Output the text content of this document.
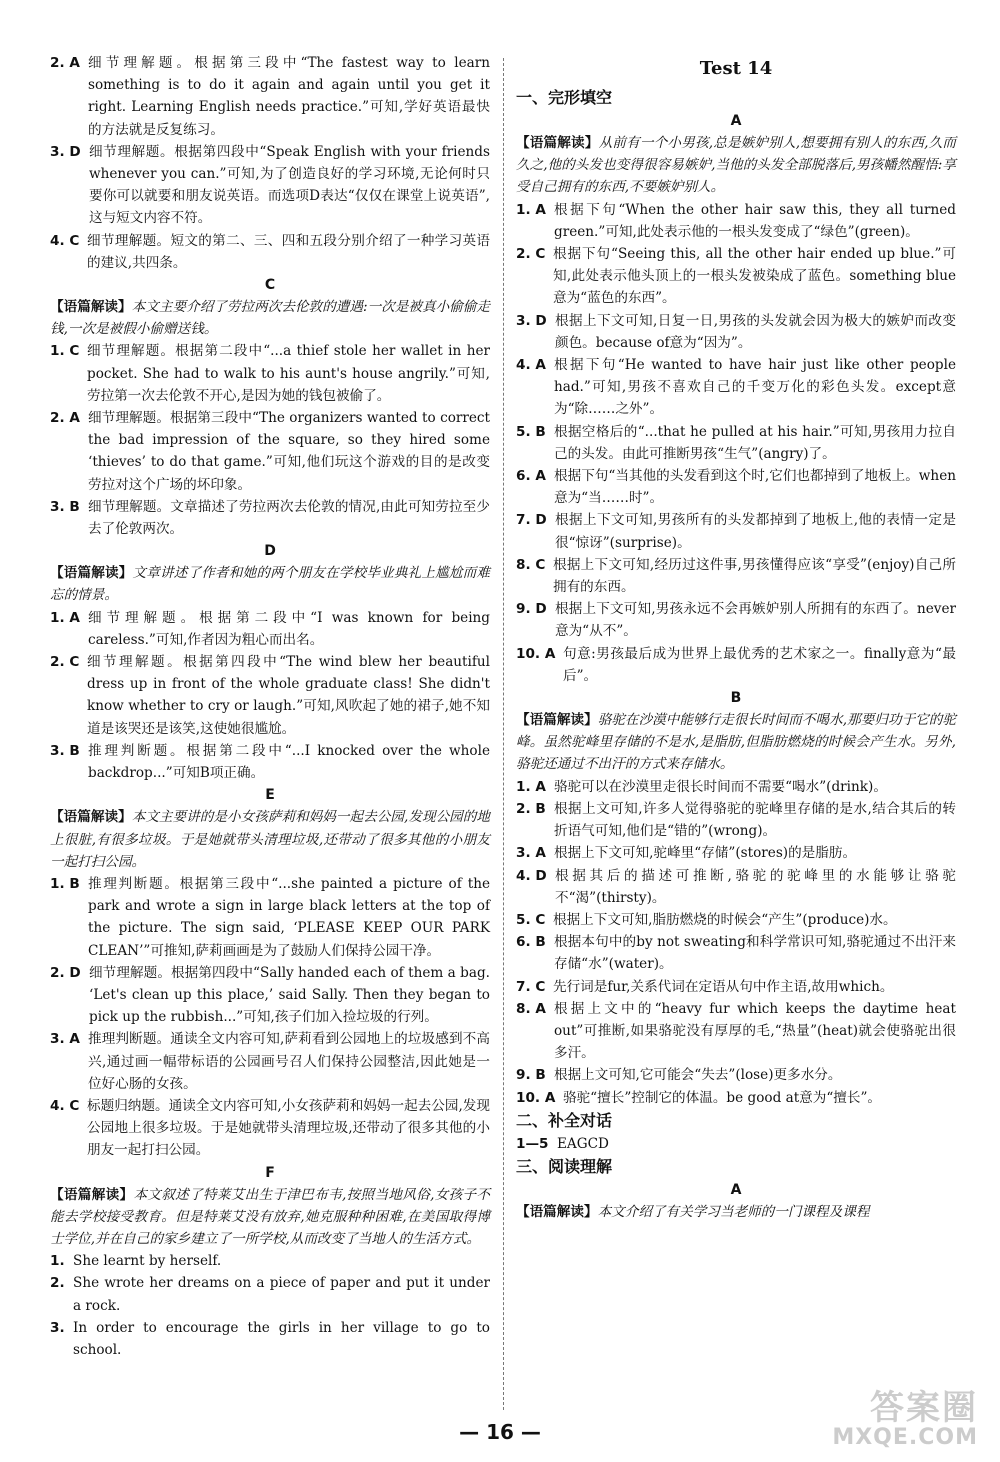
2. A 细节理解题。根据第三段中“The fastest way to learn something is to do it again and again until you get it right. Learning English needs practice.”可知,学好英语最快的方法就是反复练习。
3. D 细节理解题。根据第四段中“Speak English with your friends whenever you can.”可知,为了创造良好的学习环境,无论何时只要你可以就要和朋友说英语。而选项D表达“仅仅在课堂上说英语”,这与短文内容不符。
4. C 细节理解题。短文的第二、三、四和五段分别介绍了一种学习英语的建议,共四条。
C
【语篇解读】本文主要介绍了劳拉两次去伦敦的遭遇:一次是被真小偷偷走钱,一次是被假小偷赠送钱。
1. C 细节理解题。根据第二段中“...a thief stole her wallet in her pocket. She had to walk to his aunt's house angrily.”可知,劳拉第一次去伦敦不开心,是因为她的钱包被偷了。
2. A 细节理解题。根据第三段中“The organizers wanted to correct the bad impression of the square, so they hired some ‘thieves’ to do that game.”可知,他们玩这个游戏的目的是改变劳拉对这个广场的坏印象。
3. B 细节理解题。文章描述了劳拉两次去伦敦的情况,由此可知劳拉至少去了伦敦两次。
D
【语篇解读】文章讲述了作者和她的两个朋友在学校毕业典礼上尴尬而难忘的情景。
1. A 细节理解题。根据第二段中“I was known for being careless.”可知,作者因为粗心而出名。
2. C 细节理解题。根据第四段中“The wind blew her beautiful dress up in front of the whole graduate class! She didn't know whether to cry or laugh.”可知,风吹起了她的裙子,她不知道是该哭还是该笑,这使她很尴尬。
3. B 推理判断题。根据第二段中“...I knocked over the whole backdrop...”可知B项正确。
E
【语篇解读】本文主要讲的是小女孩萨莉和妈妈一起去公园,发现公园的地上很脏,有很多垃圾。于是她就带头清理垃圾,还带动了很多其他的小朋友一起打扫公园。
1. B 推理判断题。根据第三段中“...she painted a picture of the park and wrote a sign in large black letters at the top of the picture. The sign said, ‘PLEASE KEEP OUR PARK CLEAN’”可推知,萨莉画画是为了鼓励人们保持公园干净。
2. D 细节理解题。根据第四段中“Sally handed each of them a bag. ‘Let's clean up this place,’ said Sally. Then they began to pick up the rubbish...”可知,孩子们加入捡垃圾的行列。
3. A 推理判断题。通读全文内容可知,萨莉看到公园地上的垃圾感到不高兴,通过画一幅带标语的公园画号召人们保持公园整洁,因此她是一位好心肠的女孩。
4. C 标题归纳题。通读全文内容可知,小女孩萨莉和妈妈一起去公园,发现公园地上很多垃圾。于是她就带头清理垃圾,还带动了很多其他的小朋友一起打扫公园。
F
【语篇解读】本文叙述了特莱艾出生于津巴布韦,按照当地风俗,女孩子不能去学校接受教育。但是特莱艾没有放弃,她克服种种困难,在美国取得博士学位,并在自己的家乡建立了一所学校,从而改变了当地人的生活方式。
1. She learnt by herself.
2. She wrote her dreams on a piece of paper and put it under a rock.
3. In order to encourage the girls in her village to go to school.
Test 14
一、完形填空
A
【语篇解读】从前有一个小男孩,总是嫉妒别人,想要拥有别人的东西,久而久之,他的头发也变得很容易嫉妒,当他的头发全部脱落后,男孩幡然醒悟:享受自己拥有的东西,不要嫉妒别人。
1. A 根据下句“When the other hair saw this, they all turned green.”可知,此处表示他的一根头发变成了“绿色”(green)。
2. C 根据下句“Seeing this, all the other hair ended up blue.”可知,此处表示他头顶上的一根头发被染成了蓝色。something blue意为“蓝色的东西”。
3. D 根据上下文可知,日复一日,男孩的头发就会因为极大的嫉妒而改变颜色。because of意为“因为”。
4. A 根据下句“He wanted to have hair just like other people had.”可知,男孩不喜欢自己的千变万化的彩色头发。except意为“除……之外”。
5. B 根据空格后的“...that he pulled at his hair.”可知,男孩用力拉自己的头发。由此可推断男孩“生气”(angry)了。
6. A 根据下句“当其他的头发看到这个时,它们也都掉到了地板上。when意为“当……时”。
7. D 根据上下文可知,男孩所有的头发都掉到了地板上,他的表情一定是很“惊讶”(surprise)。
8. C 根据上下文可知,经历过这件事,男孩懂得应该“享受”(enjoy)自己所拥有的东西。
9. D 根据上下文可知,男孩永远不会再嫉妒别人所拥有的东西了。never意为“从不”。
10. A 句意:男孩最后成为世界上最优秀的艺术家之一。finally意为“最后”。
B
【语篇解读】骆驼在沙漠中能够行走很长时间而不喝水,那要归功于它的驼峰。虽然驼峰里存储的不是水,是脂肪,但脂肪燃烧的时候会产生水。另外,骆驼还通过不出汗的方式来存储水。
1. A 骆驼可以在沙漠里走很长时间而不需要“喝水”(drink)。
2. B 根据上文可知,许多人觉得骆驼的驼峰里存储的是水,结合其后的转折语气可知,他们是“错的”(wrong)。
3. A 根据上下文可知,驼峰里“存储”(stores)的是脂肪。
4. D 根据其后的描述可推断,骆驼的驼峰里的水能够让骆驼不“渴”(thirsty)。
5. C 根据上下文可知,脂肪燃烧的时候会“产生”(produce)水。
6. B 根据本句中的by not sweating和科学常识可知,骆驼通过不出汗来存储“水”(water)。
7. C 先行词是fur,关系代词在定语从句中作主语,故用which。
8. A 根据上文中的“heavy fur which keeps the daytime heat out”可推断,如果骆驼没有厚厚的毛,“热量”(heat)就会使骆驼出很多汗。
9. B 根据上文可知,它可能会“失去”(lose)更多水分。
10. A 骆驼“擅长”控制它的体温。be good at意为“擅长”。
二、补全对话
1—5 EAGCD
三、阅读理解
A
【语篇解读】本文介绍了有关学习当老师的一门课程及课程
— 16 —
答案圈
MXQE.COM
